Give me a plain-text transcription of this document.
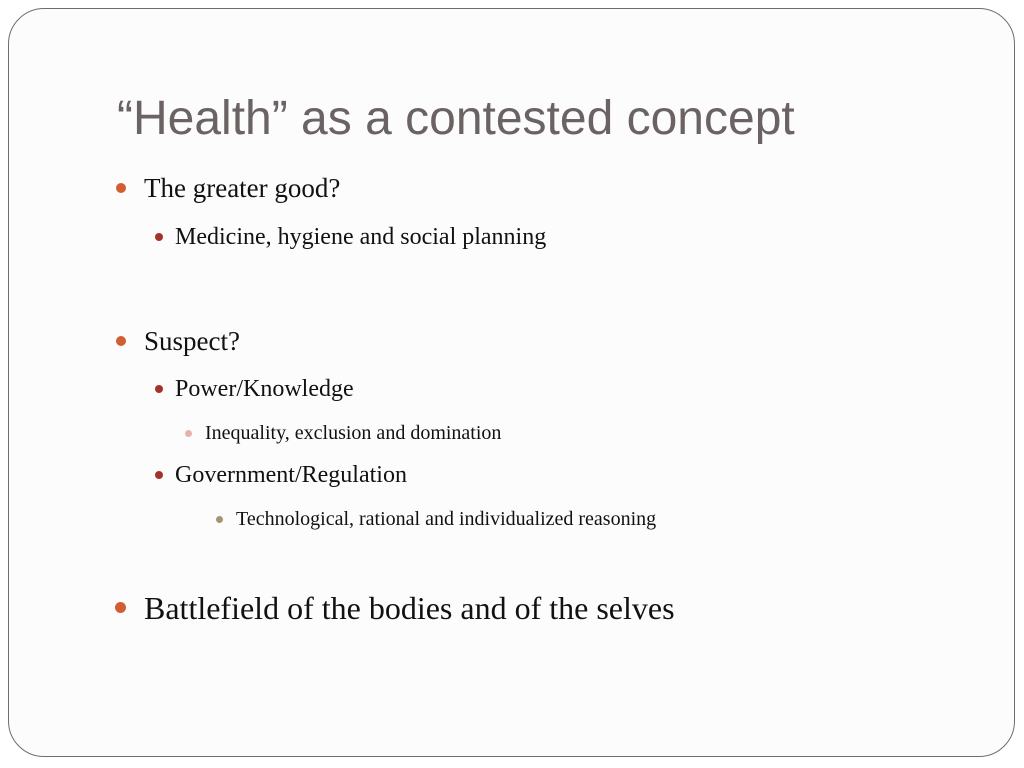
“Health” as a contested concept
The greater good?
Medicine, hygiene and social planning
Suspect?
Power/Knowledge
Inequality, exclusion and domination
Government/Regulation
Technological, rational and individualized reasoning
Battlefield of the bodies and of the selves
